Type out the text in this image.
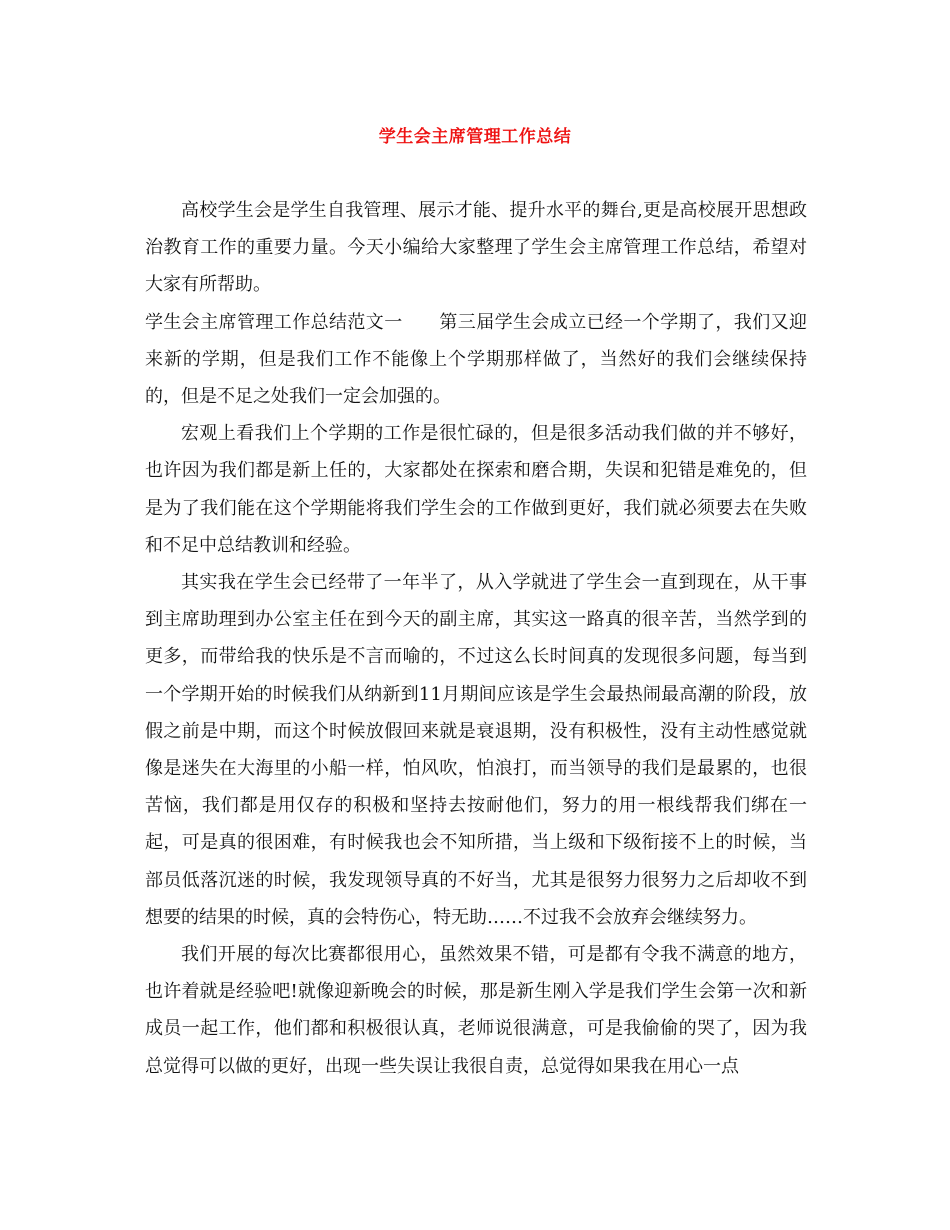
学生会主席管理工作总结

高校学生会是学生自我管理、展示才能、提升水平的舞台,更是高校展开思想政治教育工作的重要力量。今天小编给大家整理了学生会主席管理工作总结，希望对大家有所帮助。

学生会主席管理工作总结范文一　　第三届学生会成立已经一个学期了，我们又迎来新的学期，但是我们工作不能像上个学期那样做了，当然好的我们会继续保持的，但是不足之处我们一定会加强的。

宏观上看我们上个学期的工作是很忙碌的，但是很多活动我们做的并不够好，也许因为我们都是新上任的，大家都处在探索和磨合期，失误和犯错是难免的，但是为了我们能在这个学期能将我们学生会的工作做到更好，我们就必须要去在失败和不足中总结教训和经验。

其实我在学生会已经带了一年半了，从入学就进了学生会一直到现在，从干事到主席助理到办公室主任在到今天的副主席，其实这一路真的很辛苦，当然学到的更多，而带给我的快乐是不言而喻的，不过这么长时间真的发现很多问题，每当到一个学期开始的时候我们从纳新到11月期间应该是学生会最热闹最高潮的阶段，放假之前是中期，而这个时候放假回来就是衰退期，没有积极性，没有主动性感觉就像是迷失在大海里的小船一样，怕风吹，怕浪打，而当领导的我们是最累的，也很苦恼，我们都是用仅存的积极和坚持去按耐他们，努力的用一根线帮我们绑在一起，可是真的很困难，有时候我也会不知所措，当上级和下级衔接不上的时候，当部员低落沉迷的时候，我发现领导真的不好当，尤其是很努力很努力之后却收不到想要的结果的时候，真的会特伤心，特无助……不过我不会放弃会继续努力。

我们开展的每次比赛都很用心，虽然效果不错，可是都有令我不满意的地方，也许着就是经验吧!就像迎新晚会的时候，那是新生刚入学是我们学生会第一次和新成员一起工作，他们都和积极很认真，老师说很满意，可是我偷偷的哭了，因为我总觉得可以做的更好，出现一些失误让我很自责，总觉得如果我在用心一点
